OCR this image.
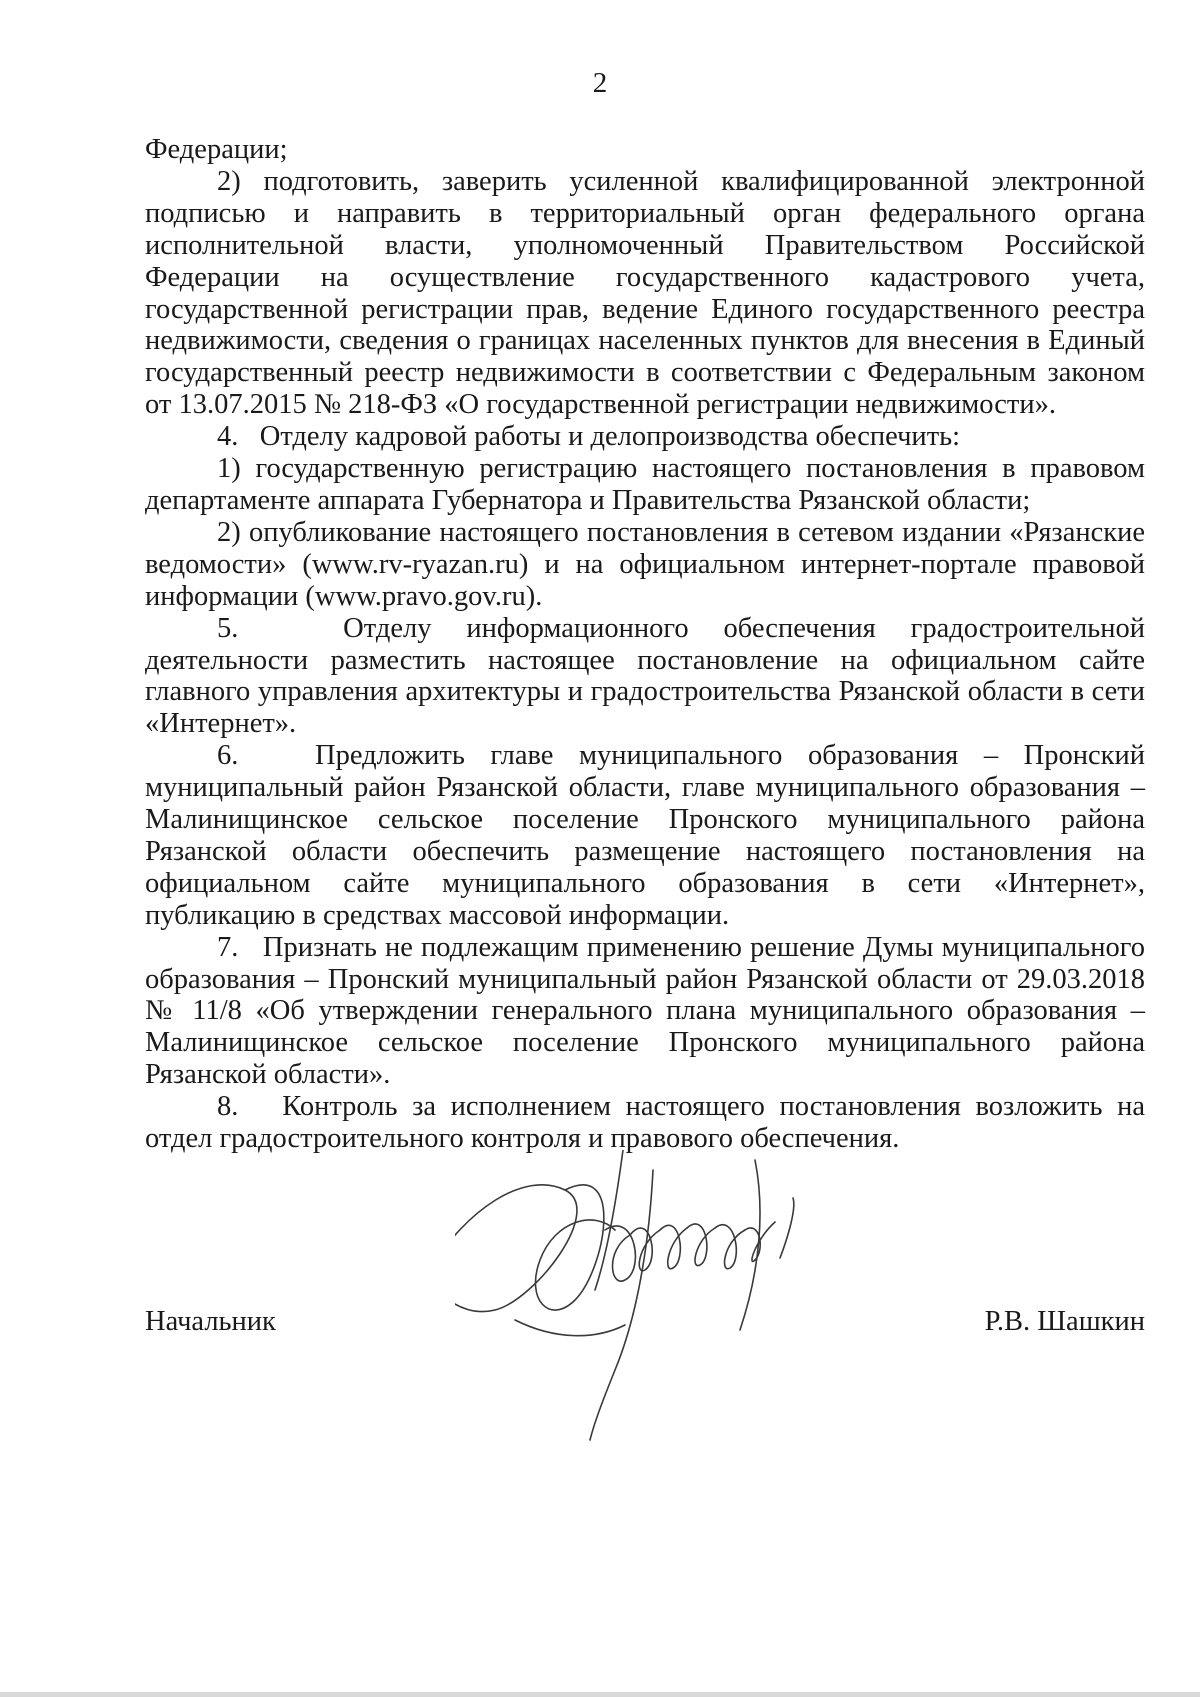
2

Федерации;

2) подготовить, заверить усиленной квалифицированной электронной подписью и направить в территориальный орган федерального органа исполнительной власти, уполномоченный Правительством Российской Федерации на осуществление государственного кадастрового учета, государственной регистрации прав, ведение Единого государственного реестра недвижимости, сведения о границах населенных пунктов для внесения в Единый государственный реестр недвижимости в соответствии с Федеральным законом от 13.07.2015 № 218-ФЗ «О государственной регистрации недвижимости».

4.   Отделу кадровой работы и делопроизводства обеспечить:

1) государственную регистрацию настоящего постановления в правовом департаменте аппарата Губернатора и Правительства Рязанской области;

2) опубликование настоящего постановления в сетевом издании «Рязанские ведомости» (www.rv-ryazan.ru) и на официальном интернет-портале правовой информации (www.pravo.gov.ru).

5.   Отделу информационного обеспечения градостроительной деятельности разместить настоящее постановление на официальном сайте главного управления архитектуры и градостроительства Рязанской области в сети «Интернет».

6.   Предложить главе муниципального образования – Пронский муниципальный район Рязанской области, главе муниципального образования – Малинищинское сельское поселение Пронского муниципального района Рязанской области обеспечить размещение настоящего постановления на официальном сайте муниципального образования в сети «Интернет», публикацию в средствах массовой информации.

7.   Признать не подлежащим применению решение Думы муниципального образования – Пронский муниципальный район Рязанской области от 29.03.2018 № 11/8 «Об утверждении генерального плана муниципального образования – Малинищинское сельское поселение Пронского муниципального района Рязанской области».

8.   Контроль за исполнением настоящего постановления возложить на отдел градостроительного контроля и правового обеспечения.

Начальник	Р.В. Шашкин
